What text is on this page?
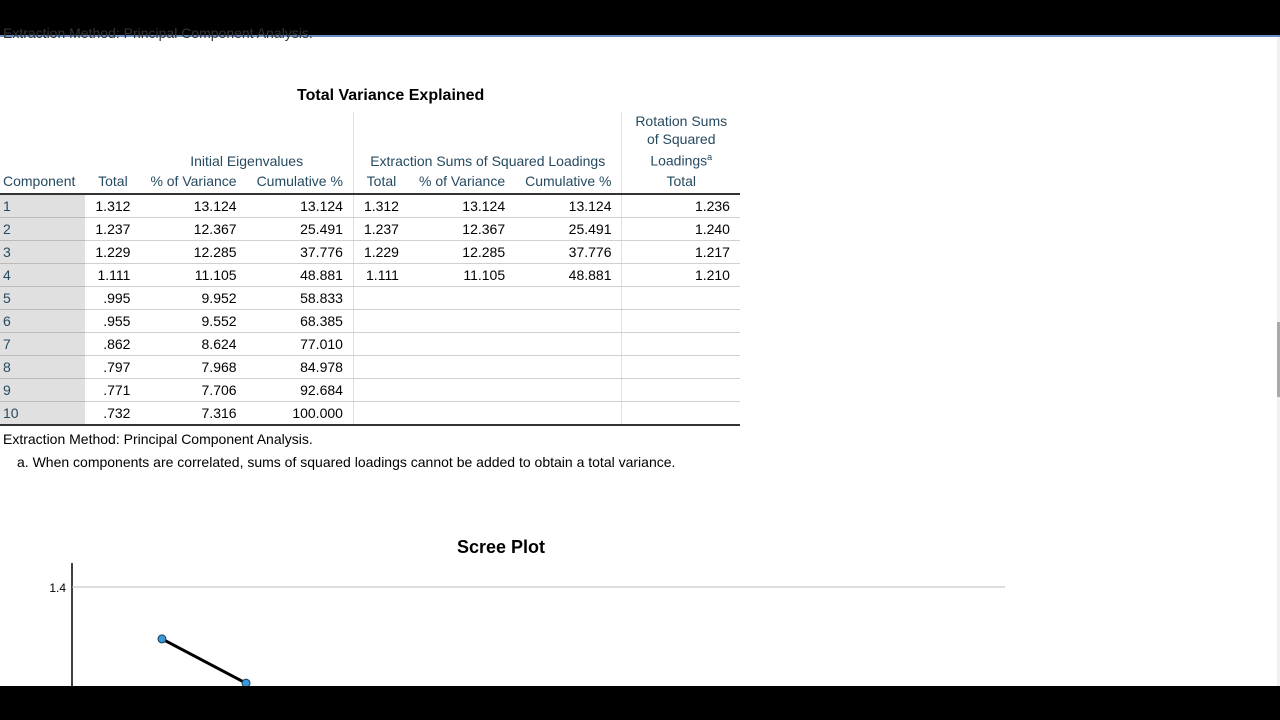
Extraction Method: Principal Component Analysis.
Total Variance Explained
		Initial Eigenvalues		Extraction Sums of Squared Loadings			Rotation Sums of Squared Loadings$^a$
Component	Total	% of Variance	Cumulative %	Total	% of Variance	Cumulative %	Total
1	1.312	13.124	13.124	1.312	13.124	13.124	1.236
2	1.237	12.367	25.491	1.237	12.367	25.491	1.240
3	1.229	12.285	37.776	1.229	12.285	37.776	1.217
4	1.111	11.105	48.881	1.111	11.105	48.881	1.210
5	.995	9.952	58.833				
6	.955	9.552	68.385				
7	.862	8.624	77.010				
8	.797	7.968	84.978				
9	.771	7.706	92.684				
10	.732	7.316	100.000				
Extraction Method: Principal Component Analysis.
a. When components are correlated, sums of squared loadings cannot be added to obtain a total variance.
Scree Plot
1.4
